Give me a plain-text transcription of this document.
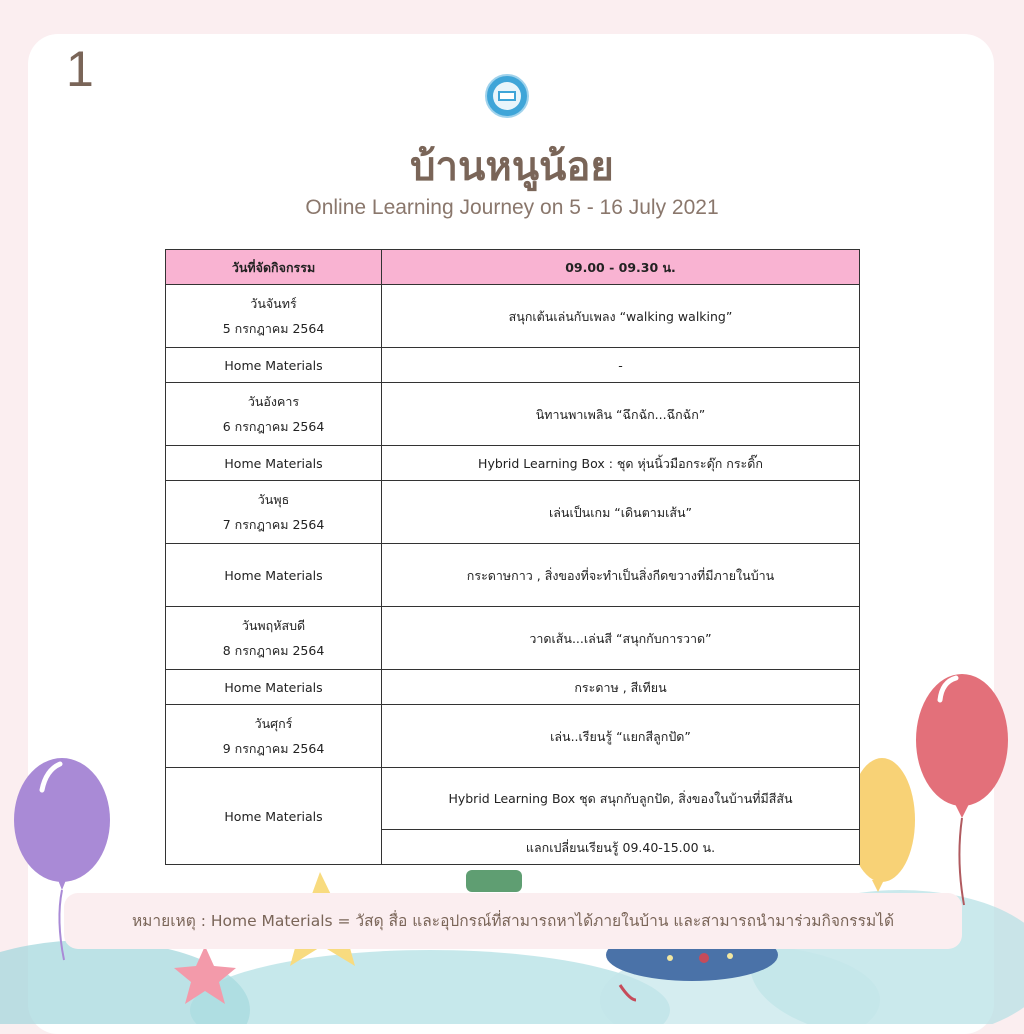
1
บ้านหนูน้อย
Online Learning Journey on 5 - 16 July 2021
วันที่จัดกิจกรรม	09.00 - 09.30 น.

วันจันทร์
5 กรกฎาคม 2564	สนุกเต้นเล่นกับเพลง “walking walking”
Home Materials	-

วันอังคาร
6 กรกฎาคม 2564	นิทานพาเพลิน “ฉึกฉัก...ฉึกฉัก”
Home Materials	Hybrid Learning Box : ชุด หุ่นนิ้วมือกระดุ๊ก กระดิ๊ก

วันพุธ
7 กรกฎาคม 2564	เล่นเป็นเกม “เดินตามเส้น”
Home Materials	กระดาษกาว , สิ่งของที่จะทำเป็นสิ่งกีดขวางที่มีภายในบ้าน

วันพฤหัสบดี
8 กรกฎาคม 2564	วาดเส้น...เล่นสี “สนุกกับการวาด”
Home Materials	กระดาษ , สีเทียน

วันศุกร์
9 กรกฎาคม 2564	เล่น..เรียนรู้ “แยกสีลูกปัด”
Home Materials	Hybrid Learning Box ชุด สนุกกับลูกปัด, สิ่งของในบ้านที่มีสีสัน
	แลกเปลี่ยนเรียนรู้ 09.40-15.00 น.
หมายเหตุ : Home Materials = วัสดุ สื่อ และอุปกรณ์ที่สามารถหาได้ภายในบ้าน และสามารถนำมาร่วมกิจกรรมได้
